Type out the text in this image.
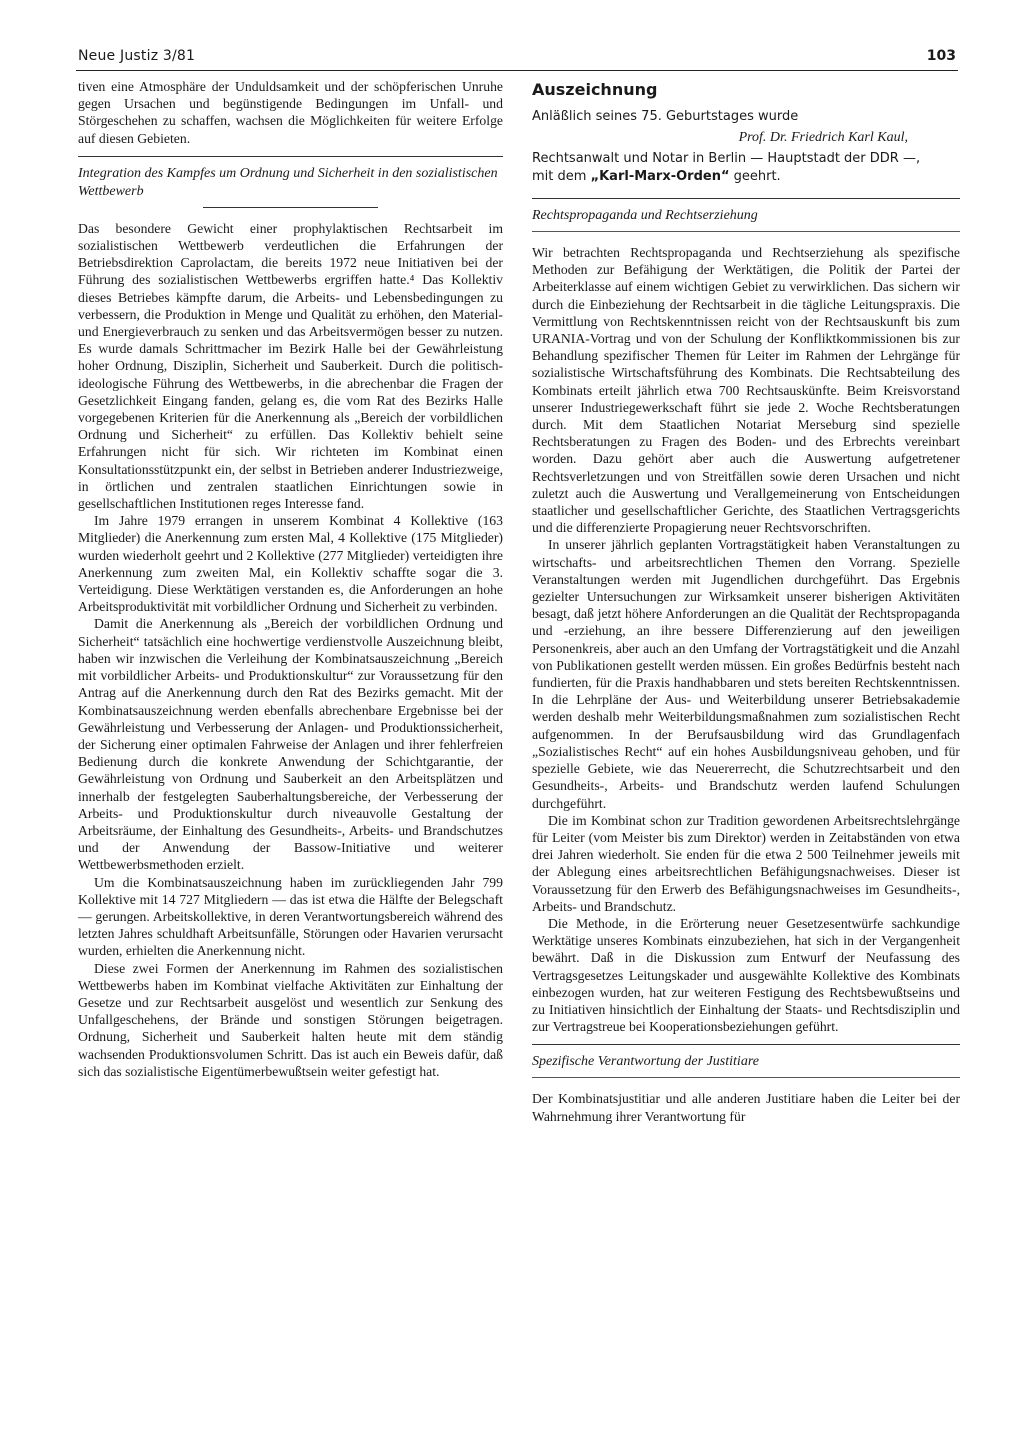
Neue Justiz 3/81	103

tiven eine Atmosphäre der Unduldsamkeit und der schöpferischen Unruhe gegen Ursachen und begünstigende Bedingungen im Unfall- und Störgeschehen zu schaffen, wachsen die Möglichkeiten für weitere Erfolge auf diesen Gebieten.

Integration des Kampfes um Ordnung und Sicherheit in den sozialistischen Wettbewerb

Das besondere Gewicht einer prophylaktischen Rechtsarbeit im sozialistischen Wettbewerb verdeutlichen die Erfahrungen der Betriebsdirektion Caprolactam, die bereits 1972 neue Initiativen bei der Führung des sozialistischen Wettbewerbs ergriffen hatte.⁴ Das Kollektiv dieses Betriebes kämpfte darum, die Arbeits- und Lebensbedingungen zu verbessern, die Produktion in Menge und Qualität zu erhöhen, den Material- und Energieverbrauch zu senken und das Arbeitsvermögen besser zu nutzen. Es wurde damals Schrittmacher im Bezirk Halle bei der Gewährleistung hoher Ordnung, Disziplin, Sicherheit und Sauberkeit. Durch die politisch-ideologische Führung des Wettbewerbs, in die abrechenbar die Fragen der Gesetzlichkeit Eingang fanden, gelang es, die vom Rat des Bezirks Halle vorgegebenen Kriterien für die Anerkennung als „Bereich der vorbildlichen Ordnung und Sicherheit“ zu erfüllen. Das Kollektiv behielt seine Erfahrungen nicht für sich. Wir richteten im Kombinat einen Konsultationsstützpunkt ein, der selbst in Betrieben anderer Industriezweige, in örtlichen und zentralen staatlichen Einrichtungen sowie in gesellschaftlichen Institutionen reges Interesse fand.

Im Jahre 1979 errangen in unserem Kombinat 4 Kollektive (163 Mitglieder) die Anerkennung zum ersten Mal, 4 Kollektive (175 Mitglieder) wurden wiederholt geehrt und 2 Kollektive (277 Mitglieder) verteidigten ihre Anerkennung zum zweiten Mal, ein Kollektiv schaffte sogar die 3. Verteidigung. Diese Werktätigen verstanden es, die Anforderungen an hohe Arbeitsproduktivität mit vorbildlicher Ordnung und Sicherheit zu verbinden.

Damit die Anerkennung als „Bereich der vorbildlichen Ordnung und Sicherheit“ tatsächlich eine hochwertige verdienstvolle Auszeichnung bleibt, haben wir inzwischen die Verleihung der Kombinatsauszeichnung „Bereich mit vorbildlicher Arbeits- und Produktionskultur“ zur Voraussetzung für den Antrag auf die Anerkennung durch den Rat des Bezirks gemacht. Mit der Kombinatsauszeichnung werden ebenfalls abrechenbare Ergebnisse bei der Gewährleistung und Verbesserung der Anlagen- und Produktionssicherheit, der Sicherung einer optimalen Fahrweise der Anlagen und ihrer fehlerfreien Bedienung durch die konkrete Anwendung der Schichtgarantie, der Gewährleistung von Ordnung und Sauberkeit an den Arbeitsplätzen und innerhalb der festgelegten Sauberhaltungsbereiche, der Verbesserung der Arbeits- und Produktionskultur durch niveauvolle Gestaltung der Arbeitsräume, der Einhaltung des Gesundheits-, Arbeits- und Brandschutzes und der Anwendung der Bassow-Initiative und weiterer Wettbewerbsmethoden erzielt.

Um die Kombinatsauszeichnung haben im zurückliegenden Jahr 799 Kollektive mit 14 727 Mitgliedern — das ist etwa die Hälfte der Belegschaft — gerungen. Arbeitskollektive, in deren Verantwortungsbereich während des letzten Jahres schuldhaft Arbeitsunfälle, Störungen oder Havarien verursacht wurden, erhielten die Anerkennung nicht.

Diese zwei Formen der Anerkennung im Rahmen des sozialistischen Wettbewerbs haben im Kombinat vielfache Aktivitäten zur Einhaltung der Gesetze und zur Rechtsarbeit ausgelöst und wesentlich zur Senkung des Unfallgeschehens, der Brände und sonstigen Störungen beigetragen. Ordnung, Sicherheit und Sauberkeit halten heute mit dem ständig wachsenden Produktionsvolumen Schritt. Das ist auch ein Beweis dafür, daß sich das sozialistische Eigentümerbewußtsein weiter gefestigt hat.

Auszeichnung
Anläßlich seines 75. Geburtstages wurde
Prof. Dr. Friedrich Karl Kaul,
Rechtsanwalt und Notar in Berlin — Hauptstadt der DDR —,
mit dem „Karl-Marx-Orden“ geehrt.
Rechtspropaganda und Rechtserziehung

Wir betrachten Rechtspropaganda und Rechtserziehung als spezifische Methoden zur Befähigung der Werktätigen, die Politik der Partei der Arbeiterklasse auf einem wichtigen Gebiet zu verwirklichen. Das sichern wir durch die Einbeziehung der Rechtsarbeit in die tägliche Leitungspraxis. Die Vermittlung von Rechtskenntnissen reicht von der Rechtsauskunft bis zum URANIA-Vortrag und von der Schulung der Konfliktkommissionen bis zur Behandlung spezifischer Themen für Leiter im Rahmen der Lehrgänge für sozialistische Wirtschaftsführung des Kombinats. Die Rechtsabteilung des Kombinats erteilt jährlich etwa 700 Rechtsauskünfte. Beim Kreisvorstand unserer Industriegewerkschaft führt sie jede 2. Woche Rechtsberatungen durch. Mit dem Staatlichen Notariat Merseburg sind spezielle Rechtsberatungen zu Fragen des Boden- und des Erbrechts vereinbart worden. Dazu gehört aber auch die Auswertung aufgetretener Rechtsverletzungen und von Streitfällen sowie deren Ursachen und nicht zuletzt auch die Auswertung und Verallgemeinerung von Entscheidungen staatlicher und gesellschaftlicher Gerichte, des Staatlichen Vertragsgerichts und die differenzierte Propagierung neuer Rechtsvorschriften.

In unserer jährlich geplanten Vortragstätigkeit haben Veranstaltungen zu wirtschafts- und arbeitsrechtlichen Themen den Vorrang. Spezielle Veranstaltungen werden mit Jugendlichen durchgeführt. Das Ergebnis gezielter Untersuchungen zur Wirksamkeit unserer bisherigen Aktivitäten besagt, daß jetzt höhere Anforderungen an die Qualität der Rechtspropaganda und -erziehung, an ihre bessere Differenzierung auf den jeweiligen Personenkreis, aber auch an den Umfang der Vortragstätigkeit und die Anzahl von Publikationen gestellt werden müssen. Ein großes Bedürfnis besteht nach fundierten, für die Praxis handhabbaren und stets bereiten Rechtskenntnissen. In die Lehrpläne der Aus- und Weiterbildung unserer Betriebsakademie werden deshalb mehr Weiterbildungsmaßnahmen zum sozialistischen Recht aufgenommen. In der Berufsausbildung wird das Grundlagenfach „Sozialistisches Recht“ auf ein hohes Ausbildungsniveau gehoben, und für spezielle Gebiete, wie das Neuererrecht, die Schutzrechtsarbeit und den Gesundheits-, Arbeits- und Brandschutz werden laufend Schulungen durchgeführt.

Die im Kombinat schon zur Tradition gewordenen Arbeitsrechtslehrgänge für Leiter (vom Meister bis zum Direktor) werden in Zeitabständen von etwa drei Jahren wiederholt. Sie enden für die etwa 2 500 Teilnehmer jeweils mit der Ablegung eines arbeitsrechtlichen Befähigungsnachweises. Dieser ist Voraussetzung für den Erwerb des Befähigungsnachweises im Gesundheits-, Arbeits- und Brandschutz.

Die Methode, in die Erörterung neuer Gesetzesentwürfe sachkundige Werktätige unseres Kombinats einzubeziehen, hat sich in der Vergangenheit bewährt. Daß in die Diskussion zum Entwurf der Neufassung des Vertragsgesetzes Leitungskader und ausgewählte Kollektive des Kombinats einbezogen wurden, hat zur weiteren Festigung des Rechtsbewußtseins und zu Initiativen hinsichtlich der Einhaltung der Staats- und Rechtsdisziplin und zur Vertragstreue bei Kooperationsbeziehungen geführt.

Spezifische Verantwortung der Justitiare

Der Kombinatsjustitiar und alle anderen Justitiare haben die Leiter bei der Wahrnehmung ihrer Verantwortung für
